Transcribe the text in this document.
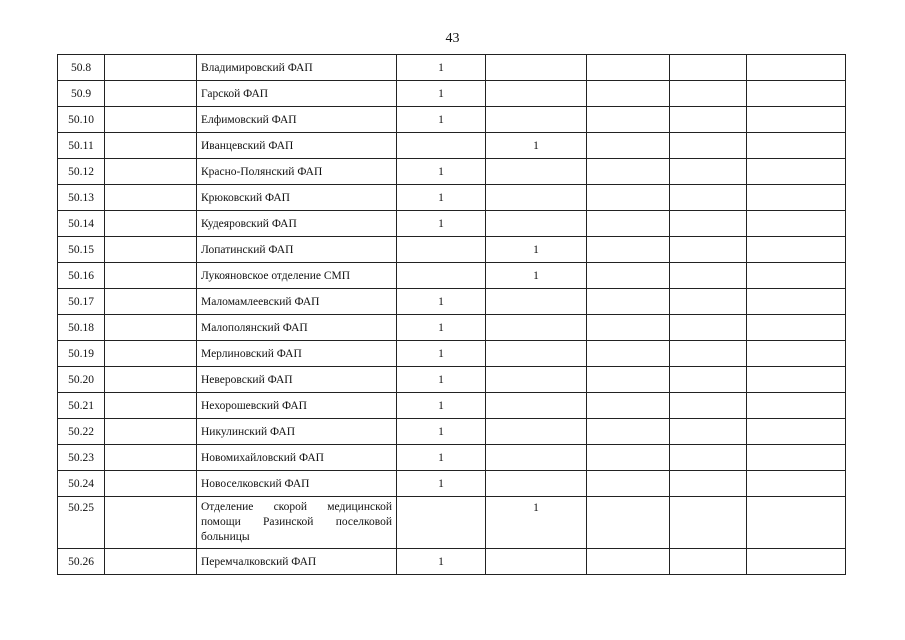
43
50.8		Владимировский ФАП	1				
50.9		Гарской ФАП	1				
50.10		Елфимовский ФАП	1				
50.11		Иванцевский ФАП		1			
50.12		Красно-Полянский ФАП	1				
50.13		Крюковский ФАП	1				
50.14		Кудеяровский ФАП	1				
50.15		Лопатинский ФАП		1			
50.16		Лукояновское отделение СМП		1			
50.17		Маломамлеевский ФАП	1				
50.18		Малополянский ФАП	1				
50.19		Мерлиновский ФАП	1				
50.20		Неверовский ФАП	1				
50.21		Нехорошевский ФАП	1				
50.22		Никулинский ФАП	1				
50.23		Новомихайловский ФАП	1				
50.24		Новоселковский ФАП	1				
50.25		Отделение скорой медицинской помощи Разинской поселковой больницы		1			
50.26		Перемчалковский ФАП	1				
